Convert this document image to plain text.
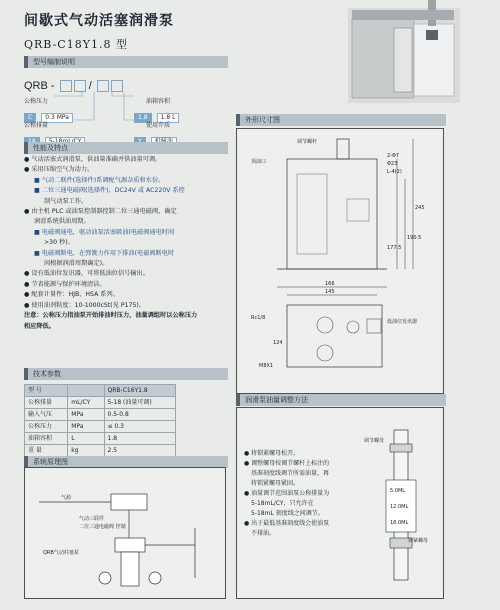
间歇式气动活塞润滑泵
QRB-C18Y1.8 型
型号编制说明
QRB -	/
公称压力
C 0.3 MPa
公称排量

油箱容积
1.8 1.8 L
使用介质

性能及特点

● 气动活塞式润滑泵，供油量准确并供油量可调。

● 采用压缩空气为动力。

■ 气动二联件(选择件)系调配气源杂质和水份。

■ 二位三通电磁阀(选择件)，DC24V 或 AC220V 系控

制气动泵工作。

● 由主机 PLC 或油泵控制器控制二位三通电磁阀，确定

润滑系统供油周期。

■ 电磁阀通电，驱动油泵活塞吸油(电磁阀通电时间

>30 秒)。

■ 电磁阀断电，在弹簧力作用下排油(电磁阀断电时

间根据润滑周期确定)。

● 设有低油位发讯器，可将低油位信号输出。

● 节省能源与保护环境清洁。

● 配套计量件：HJB、HSA 系列。

● 使用油剂粘度：10-1000cSt(见 P175)。

注意：公称压力指油泵开始排油时压力，油量调组时以公称压力

相应降低。

技术参数
型 号		QRB-C16Y1.8
公称排量	mL/CY	5-18 (油量可调)
输入气压	MPa	0.5-0.8
公称压力	MPa	≤ 0.3
油箱容积	L	1.8
重 量	kg	2.5
系统原理图
气源
气动三联件
二位三通电磁阀 控制
QRB气动柱塞泵
外形尺寸图
调节螺杆
顶油口
2-Φ7
Φ23
L-4(2)
245
190.5
177.5
166
145
Rc1/8
低油位发讯器
124
M8X1
润滑泵油量调整方法

● 将锁紧螺母松开。

● 调整螺母按调节螺杆上标注的

基准刻度线调节所需油量，再

将锁紧螺母紧固。

● 油量调节范围油泵公称排量为

5-18mL/CY，只允许在

5-18mL 刻度线之间调节。

● 出于最低基准刻度线会使油泵

不排油。

调节螺母
5.0ML
12.0ML
18.0ML
锁紧螺母
